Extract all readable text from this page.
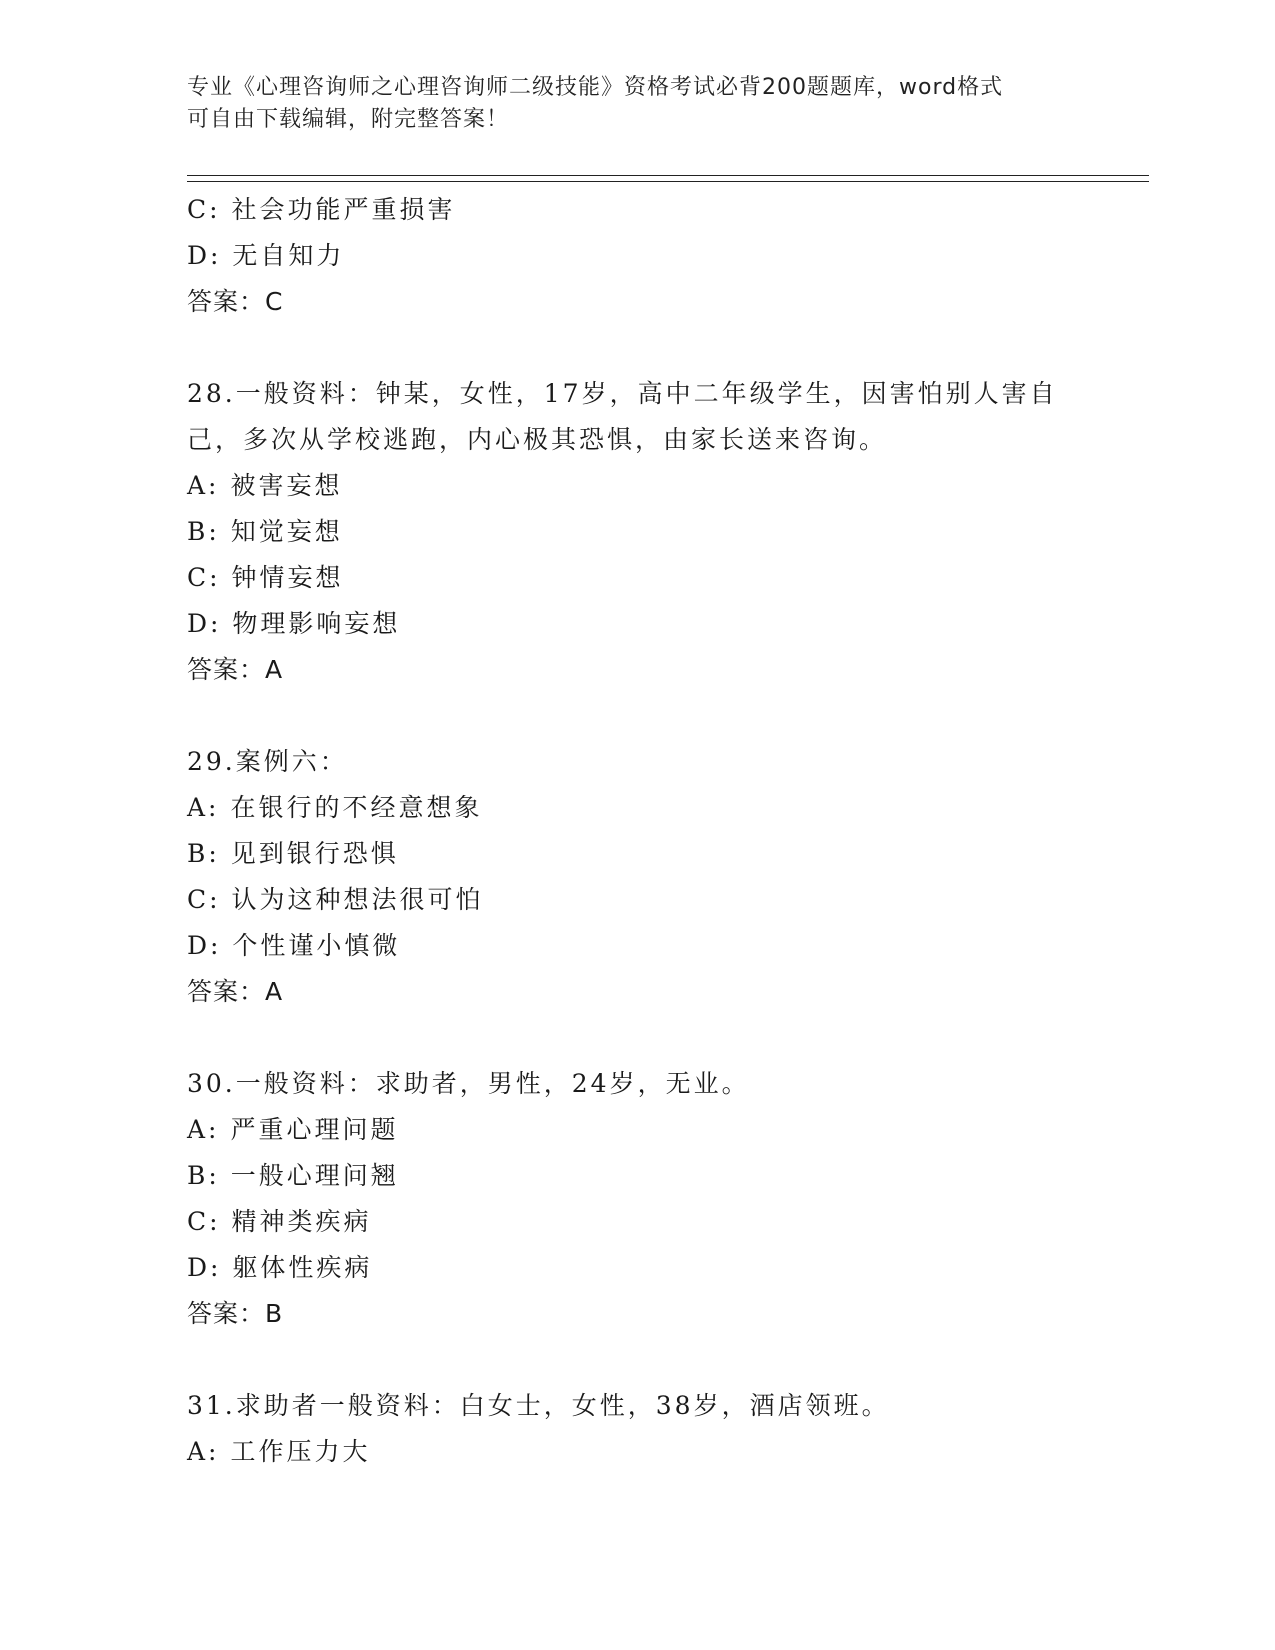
专业《心理咨询师之心理咨询师二级技能》资格考试必背200题题库，word格式
可自由下载编辑，附完整答案！
C: 社会功能严重损害
D: 无自知力
答案：C
28.一般资料：钟某，女性，17岁，高中二年级学生，因害怕别人害自
己，多次从学校逃跑，内心极其恐惧，由家长送来咨询。
A: 被害妄想
B: 知觉妄想
C: 钟情妄想
D: 物理影响妄想
答案：A
29.案例六：
A: 在银行的不经意想象
B: 见到银行恐惧
C: 认为这种想法很可怕
D: 个性谨小慎微
答案：A
30.一般资料：求助者，男性，24岁，无业。
A: 严重心理问题
B: 一般心理问翘
C: 精神类疾病
D: 躯体性疾病
答案：B
31.求助者一般资料：白女士，女性，38岁，酒店领班。
A: 工作压力大
